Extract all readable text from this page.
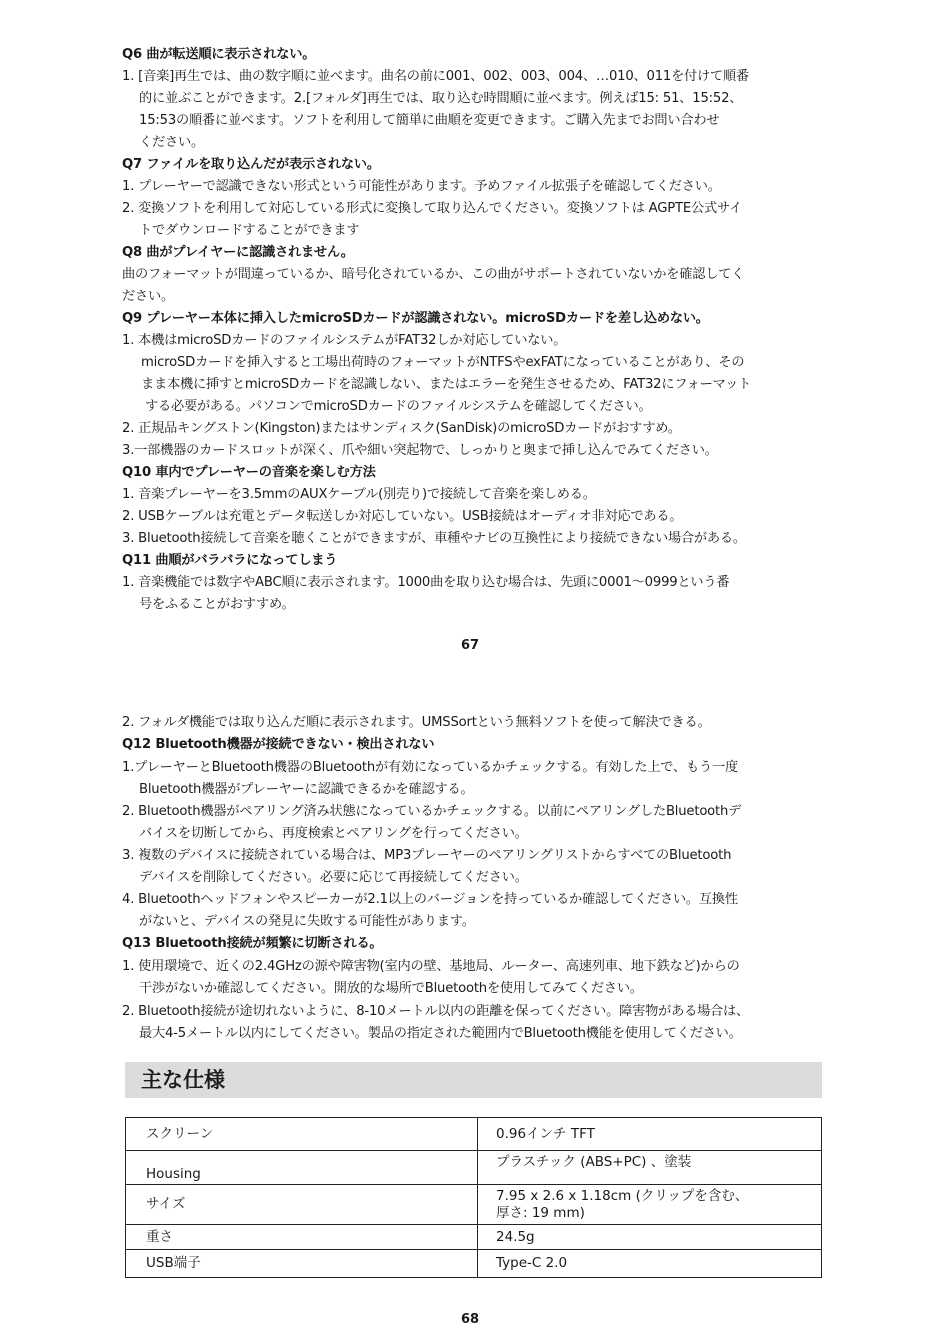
Q6 曲が転送順に表示されない。
1. [音楽]再生では、曲の数字順に並べます。曲名の前に001、002、003、004、…010、011を付けて順番
的に並ぶことができます。2.[フォルダ]再生では、取り込む時間順に並べます。例えば15: 51、15:52、
15:53の順番に並べます。ソフトを利用して簡単に曲順を変更できます。ご購入先までお問い合わせ
ください。
Q7 ファイルを取り込んだが表示されない。
1. プレーヤーで認識できない形式という可能性があります。予めファイル拡張子を確認してください。
2. 変換ソフトを利用して対応している形式に変換して取り込んでください。変換ソフトは AGPTE公式サイ
トでダウンロードすることができます
Q8 曲がプレイヤーに認識されません。
曲のフォーマットが間違っているか、暗号化されているか、この曲がサポートされていないかを確認してく
ださい。
Q9 プレーヤー本体に挿入したmicroSDカードが認識されない。microSDカードを差し込めない。
1. 本機はmicroSDカードのファイルシステムがFAT32しか対応していない。
microSDカードを挿入すると工場出荷時のフォーマットがNTFSやexFATになっていることがあり、その
まま本機に挿すとmicroSDカードを認識しない、またはエラーを発生させるため、FAT32にフォーマット
する必要がある。パソコンでmicroSDカードのファイルシステムを確認してください。
2. 正規品キングストン(Kingston)またはサンディスク(SanDisk)のmicroSDカードがおすすめ。
3.一部機器のカードスロットが深く、爪や細い突起物で、しっかりと奥まで挿し込んでみてください。
Q10 車内でプレーヤーの音楽を楽しむ方法
1. 音楽プレーヤーを3.5mmのAUXケーブル(別売り)で接続して音楽を楽しめる。
2. USBケーブルは充電とデータ転送しか対応していない。USB接続はオーディオ非対応である。
3. Bluetooth接続して音楽を聴くことができますが、車種やナビの互換性により接続できない場合がある。
Q11 曲順がバラバラになってしまう
1. 音楽機能では数字やABC順に表示されます。1000曲を取り込む場合は、先頭に0001～0999という番
号をふることがおすすめ。
67
2. フォルダ機能では取り込んだ順に表示されます。UMSSortという無料ソフトを使って解決できる。
Q12 Bluetooth機器が接続できない・検出されない
1.プレーヤーとBluetooth機器のBluetoothが有効になっているかチェックする。有効した上で、もう一度
Bluetooth機器がプレーヤーに認識できるかを確認する。
2. Bluetooth機器がペアリング済み状態になっているかチェックする。以前にペアリングしたBluetoothデ
バイスを切断してから、再度検索とペアリングを行ってください。
3. 複数のデバイスに接続されている場合は、MP3プレーヤーのペアリングリストからすべてのBluetooth
デバイスを削除してください。必要に応じて再接続してください。
4. Bluetoothヘッドフォンやスピーカーが2.1以上のバージョンを持っているか確認してください。互換性
がないと、デバイスの発見に失敗する可能性があります。
Q13 Bluetooth接続が頻繁に切断される。
1. 使用環境で、近くの2.4GHzの源や障害物(室内の壁、基地局、ルーター、高速列車、地下鉄など)からの
干渉がないか確認してください。開放的な場所でBluetoothを使用してみてください。
2. Bluetooth接続が途切れないように、8-10メートル以内の距離を保ってください。障害物がある場合は、
最大4-5メートル以内にしてください。製品の指定された範囲内でBluetooth機能を使用してください。
主な仕様
スクリーン	0.96インチ TFT
Housing	プラスチック (ABS+PC) 、塗装
サイズ	7.95 x 2.6 x 1.18cm (クリップを含む、
厚さ: 19 mm)

重さ	24.5g
USB端子	Type-C 2.0
68
